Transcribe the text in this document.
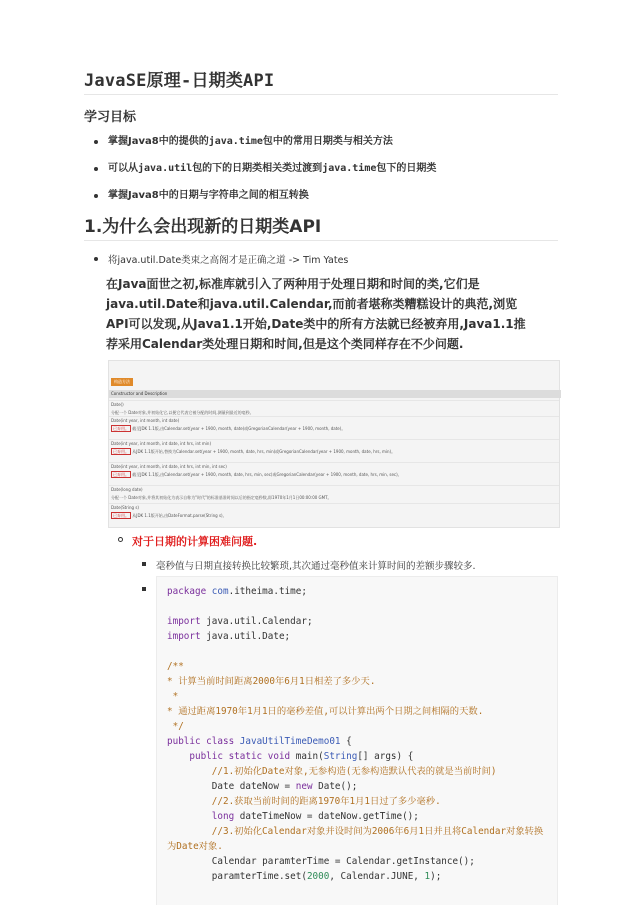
JavaSE原理-日期类API
学习目标
掌握Java8中的提供的java.time包中的常用日期类与相关方法
可以从java.util包的下的日期类相关类过渡到java.time包下的日期类
掌握Java8中的日期与字符串之间的相互转换
1.为什么会出现新的日期类API
将java.util.Date类束之高阁才是正确之道 -> Tim Yates
在Java面世之初,标准库就引入了两种用于处理日期和时间的类,它们是
java.util.Date和java.util.Calendar,而前者堪称类糟糕设计的典范,浏览
API可以发现,从Java1.1开始,Date类中的所有方法就已经被弃用,Java1.1推
荐采用Calendar类处理日期和时间,但是这个类同样存在不少问题.
构造方法
Constructor and Description
Date()
分配一个 Date对象,并初始化它,以便它代表它被分配的时间,测量到最近的毫秒。
Date(int year, int month, int date)
已弃用。 截至JDK 1.1版,由Calendar.set(year + 1900, month, date)或GregorianCalendar(year + 1900, month, date)。
Date(int year, int month, int date, int hrs, int min)
已弃用。 从JDK 1.1版开始,替换为Calendar.set(year + 1900, month, date, hrs, min)或GregorianCalendar(year + 1900, month, date, hrs, min)。
Date(int year, int month, int date, int hrs, int min, int sec)
已弃用。 截至JDK 1.1版,由Calendar.set(year + 1900, month, date, hrs, min, sec)或GregorianCalendar(year + 1900, month, date, hrs, min, sec)。
Date(long date)
分配一个 Date对象,并将其初始化为表示自称为"时代"的标准基准时间以后的指定毫秒数,即1970年1月1日00:00:00 GMT。
Date(String s)
已弃用。 从JDK 1.1版开始,由DateFormat.parse(String s)。
对于日期的计算困难问题.
毫秒值与日期直接转换比较繁琐,其次通过毫秒值来计算时间的差额步骤较多.
package com.itheima.time;

import java.util.Calendar;
import java.util.Date;

/**
* 计算当前时间距离2000年6月1日相差了多少天.
*
* 通过距离1970年1月1日的毫秒差值,可以计算出两个日期之间相隔的天数.
*/
public class JavaUtilTimeDemo01 {
public static void main(String[] args) {
//1.初始化Date对象,无参构造(无参构造默认代表的就是当前时间)
Date dateNow = new Date();
//2.获取当前时间的距离1970年1月1日过了多少毫秒.
long dateTimeNow = dateNow.getTime();
//3.初始化Calendar对象并设时间为2006年6月1日并且将Calendar对象转换
为Date对象.
Calendar paramterTime = Calendar.getInstance();
paramterTime.set(2000, Calendar.JUNE, 1);
